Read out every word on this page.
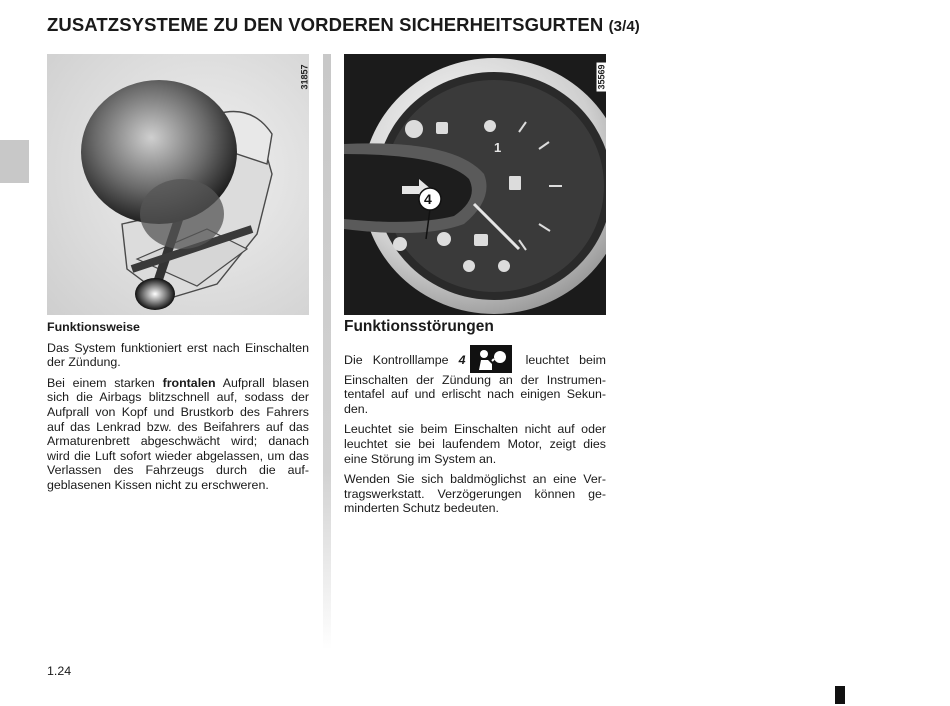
ZUSATZSYSTEME ZU DEN VORDEREN SICHERHEITSGURTEN (3/4)
31857
4
1
35569
Funktionsweise

Das System funktioniert erst nach Einschalten der Zündung.

Bei einem starken frontalen Aufprall blasen sich die Airbags blitzschnell auf, sodass der Aufprall von Kopf und Brustkorb des Fahrers auf das Lenkrad bzw. des Beifahrers auf das Armaturenbrett abgeschwächt wird; danach wird die Luft sofort wieder abgelassen, um das Verlassen des Fahrzeugs durch die aufgeblasenen Kissen nicht zu erschweren.

Funktionsstörungen

Die Kontrolllampe 4	leuchtet beim Einschalten der Zündung an der Instrumententafel auf und erlischt nach einigen Sekunden.

Leuchtet sie beim Einschalten nicht auf oder leuchtet sie bei laufendem Motor, zeigt dies eine Störung im System an.

Wenden Sie sich baldmöglichst an eine Vertragswerkstatt. Verzögerungen können geminderten Schutz bedeuten.

1.24
